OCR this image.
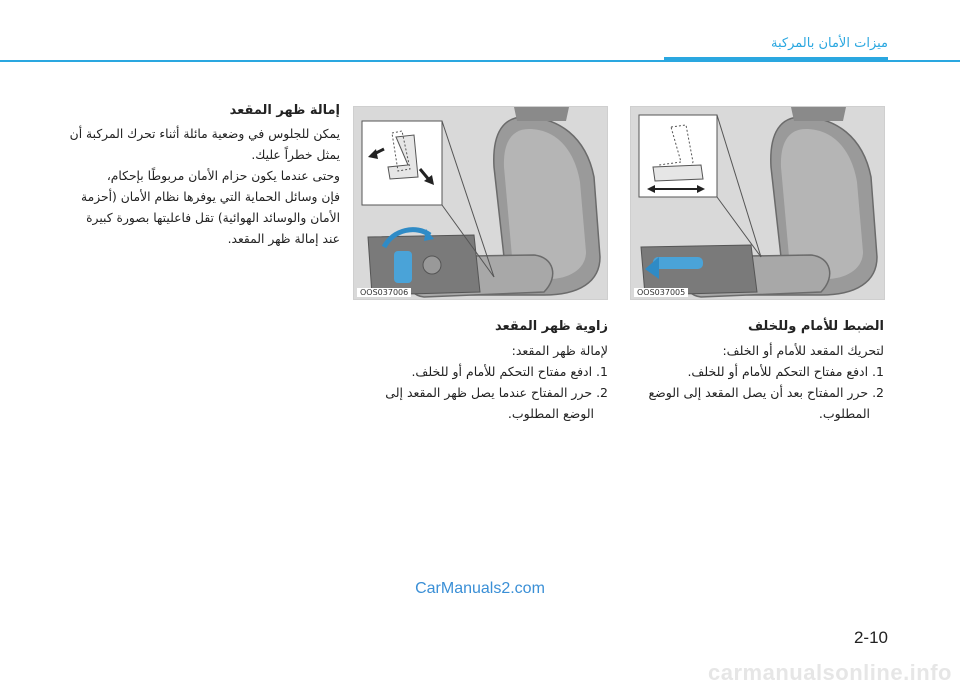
ميزات الأمان بالمركبة
OOS037005
OOS037006
الضبط للأمام وللخلف

لتحريك المقعد للأمام أو الخلف:

1. ادفع مفتاح التحكم للأمام أو للخلف.

2. حرر المفتاح بعد أن يصل المقعد إلى الوضع

المطلوب.

زاوية ظهر المقعد

لإمالة ظهر المقعد:

1. ادفع مفتاح التحكم للأمام أو للخلف.

2. حرر المفتاح عندما يصل ظهر المقعد إلى

الوضع المطلوب.

إمالة ظهر المقعد

يمكن للجلوس في وضعية مائلة أثناء تحرك المركبة أن

يمثل خطراً عليك.

وحتى عندما يكون حزام الأمان مربوطًا بإحكام،

فإن وسائل الحماية التي يوفرها نظام الأمان (أحزمة

الأمان والوسائد الهوائية) تقل فاعليتها بصورة كبيرة

عند إمالة ظهر المقعد.

CarManuals2.com
2-10
carmanualsonline.info
